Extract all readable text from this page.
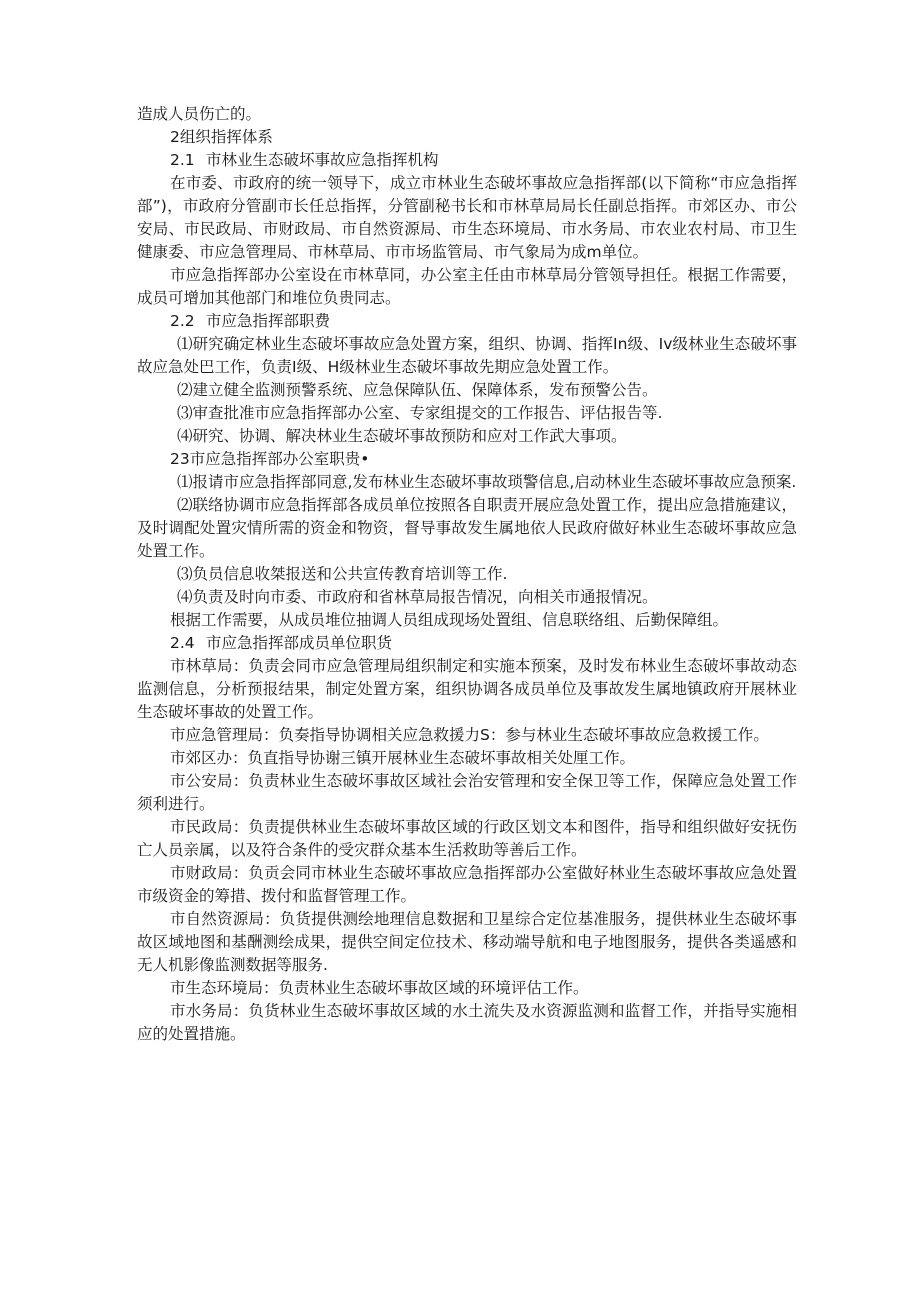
造成人员伤亡的。

2组织指挥体系

2.1 市林业生态破坏事故应急指挥机构

在市委、市政府的统一领导下，成立市林业生态破坏事故应急指挥部(以下简称“市应急指挥部”)，市政府分管副市长任总指挥，分管副秘书长和市林草局局长任副总指挥。市郊区办、市公安局、市民政局、市财政局、市自然资源局、市生态环境局、市水务局、市农业农村局、市卫生健康委、市应急管理局、市林草局、市市场监管局、市气象局为成m单位。

市应急指挥部办公室设在市林草同，办公室主任由市林草局分管领导担任。根据工作需要，成员可增加其他部门和堆位负贵同志。

2.2 市应急指挥部职费

⑴研究确定林业生态破坏事故应急处置方案，组织、协调、指挥In级、Iv级林业生态破坏事故应急处巴工作，负责I级、H级林业生态破坏事故先期应急处置工作。

⑵建立健全监测预警系统、应急保障队伍、保障体系，发布预警公告。

⑶审查批准市应急指挥部办公室、专家组提交的工作报告、评估报告等.

⑷研究、协调、解决林业生态破坏事故预防和应对工作武大事项。

23市应急指挥部办公室职贵•

⑴报请市应急指挥部同意,发布林业生态破坏事故琐警信息,启动林业生态破坏事故应急预案.

⑵联络协调市应急指挥部各成员单位按照各自职责开展应急处置工作，提出应急措施建议，及时调配处置灾情所需的资金和物资，督导事故发生属地依人民政府做好林业生态破坏事故应急处置工作。

⑶负员信息收桀报送和公共宣传教育培训等工作.

⑷负责及时向市委、市政府和省林草局报告情况，向相关市通报情况。

根据工作需要，从成员堆位抽调人员组成现场处置组、信息联络组、后勤保障组。

2.4 市应急指挥部成员单位职货

市林草局：负责会同市应急管理局组织制定和实施本预案，及时发布林业生态破坏事故动态监测信息，分析预报结果，制定处置方案，组织协调各成员单位及事故发生属地镇政府开展林业生态破坏事故的处置工作。

市应急管理局：负奏指导协调相关应急救援力S：参与林业生态破坏事故应急救援工作。

市郊区办：负直指导协谢三镇开展林业生态破坏事故相关处厘工作。

市公安局：负责林业生态破坏事故区域社会治安管理和安全保卫等工作，保障应急处置工作须利进行。

市民政局：负责提供林业生态破坏事故区域的行政区划文本和图件，指导和组织做好安抚伤亡人员亲属，以及符合条件的受灾群众基本生活救助等善后工作。

市财政局：负贡会同市林业生态破坏事故应急指挥部办公室做好林业生态破坏事故应急处置市级资金的筹措、拨付和监督管理工作。

市自然资源局：负货提供测绘地理信息数据和卫星综合定位基准服务，提供林业生态破坏事故区域地图和基酬测绘成果，提供空间定位技术、移动端导航和电子地图服务，提供各类遥感和无人机影像监测数据等服务.

市生态环境局：负责林业生态破坏事故区域的环境评估工作。

市水务局：负货林业生态破坏事故区域的水土流失及水资源监测和监督工作，并指导实施相应的处置措施。
